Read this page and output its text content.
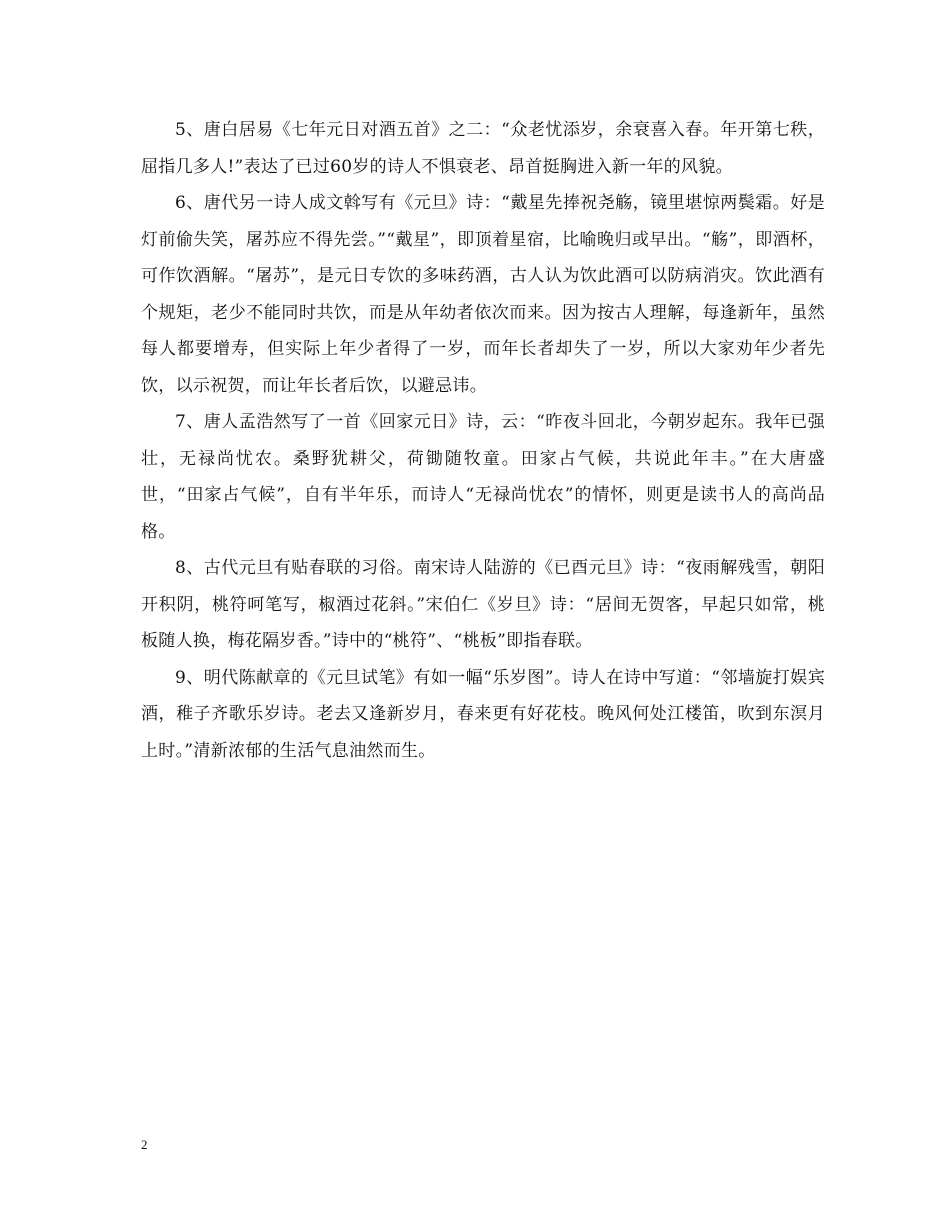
5、唐白居易《七年元日对酒五首》之二：“众老忧添岁，余衰喜入春。年开第七秩，屈指几多人!”表达了已过60岁的诗人不惧衰老、昂首挺胸进入新一年的风貌。

6、唐代另一诗人成文斡写有《元旦》诗：“戴星先捧祝尧觞，镜里堪惊两鬓霜。好是灯前偷失笑，屠苏应不得先尝。”“戴星”，即顶着星宿，比喻晚归或早出。“觞”，即酒杯，可作饮酒解。“屠苏”，是元日专饮的多味药酒，古人认为饮此酒可以防病消灾。饮此酒有个规矩，老少不能同时共饮，而是从年幼者依次而来。因为按古人理解，每逢新年，虽然每人都要增寿，但实际上年少者得了一岁，而年长者却失了一岁，所以大家劝年少者先饮，以示祝贺，而让年长者后饮，以避忌讳。

7、唐人孟浩然写了一首《回家元日》诗，云：“昨夜斗回北，今朝岁起东。我年已强壮，无禄尚忧农。桑野犹耕父，荷锄随牧童。田家占气候，共说此年丰。”在大唐盛世，“田家占气候”，自有半年乐，而诗人“无禄尚忧农”的情怀，则更是读书人的高尚品格。

8、古代元旦有贴春联的习俗。南宋诗人陆游的《已酉元旦》诗：“夜雨解残雪，朝阳开积阴，桃符呵笔写，椒酒过花斜。”宋伯仁《岁旦》诗：“居间无贺客，早起只如常，桃板随人换，梅花隔岁香。”诗中的“桃符”、“桃板”即指春联。

9、明代陈献章的《元旦试笔》有如一幅“乐岁图”。诗人在诗中写道：“邻墙旋打娱宾酒，稚子齐歌乐岁诗。老去又逢新岁月，春来更有好花枝。晚风何处江楼笛，吹到东溟月上时。”清新浓郁的生活气息油然而生。

2
